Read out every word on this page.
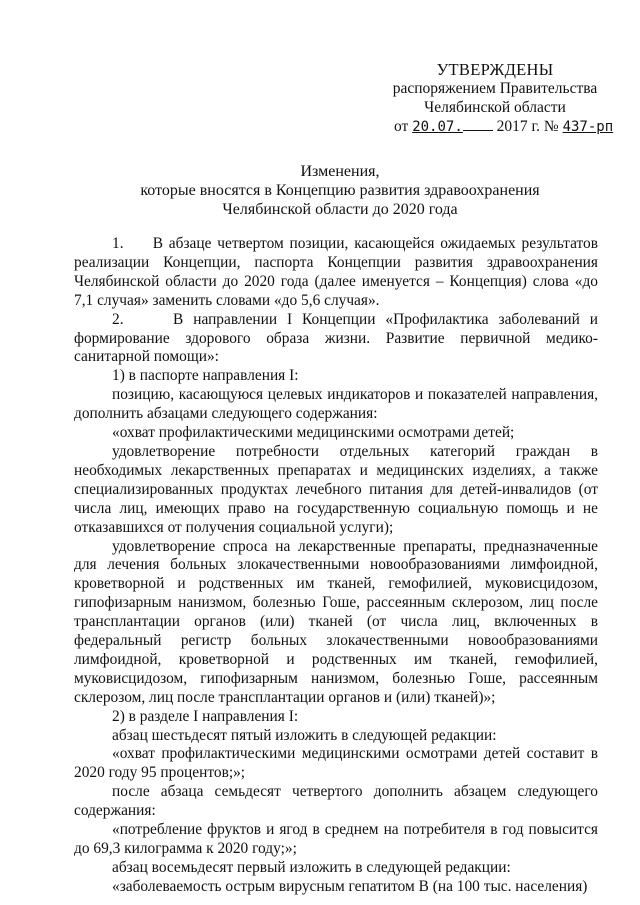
УТВЕРЖДЕНЫ
распоряжением Правительства
Челябинской области
от 20.07. 2017 г. № 437-рп
Изменения,
которые вносятся в Концепцию развития здравоохранения
Челябинской области до 2020 года

1.     В абзаце четвертом позиции, касающейся ожидаемых результатов реализации Концепции, паспорта Концепции развития здравоохранения Челябинской области до 2020 года (далее именуется – Концепция) слова «до 7,1 случая» заменить словами «до 5,6 случая».

2.     В направлении I Концепции «Профилактика заболеваний и формирование здорового образа жизни. Развитие первичной медико-санитарной помощи»:

1) в паспорте направления I:

позицию, касающуюся целевых индикаторов и показателей направления, дополнить абзацами следующего содержания:

«охват профилактическими медицинскими осмотрами детей;

удовлетворение потребности отдельных категорий граждан в необходимых лекарственных препаратах и медицинских изделиях, а также специализированных продуктах лечебного питания для детей-инвалидов (от числа лиц, имеющих право на государственную социальную помощь и не отказавшихся от получения социальной услуги);

удовлетворение спроса на лекарственные препараты, предназначенные для лечения больных злокачественными новообразованиями лимфоидной, кроветворной и родственных им тканей, гемофилией, муковисцидозом, гипофизарным нанизмом, болезнью Гоше, рассеянным склерозом, лиц после трансплантации органов (или) тканей (от числа лиц, включенных в федеральный регистр больных злокачественными новообразованиями лимфоидной, кроветворной и родственных им тканей, гемофилией, муковисцидозом, гипофизарным нанизмом, болезнью Гоше, рассеянным склерозом, лиц после трансплантации органов и (или) тканей)»;

2) в разделе I направления I:

абзац шестьдесят пятый изложить в следующей редакции:

«охват профилактическими медицинскими осмотрами детей составит в 2020 году 95 процентов;»;

после абзаца семьдесят четвертого дополнить абзацем следующего содержания:

«потребление фруктов и ягод в среднем на потребителя в год повысится до 69,3 килограмма к 2020 году;»;

абзац восемьдесят первый изложить в следующей редакции:

«заболеваемость острым вирусным гепатитом В (на 100 тыс. населения)
